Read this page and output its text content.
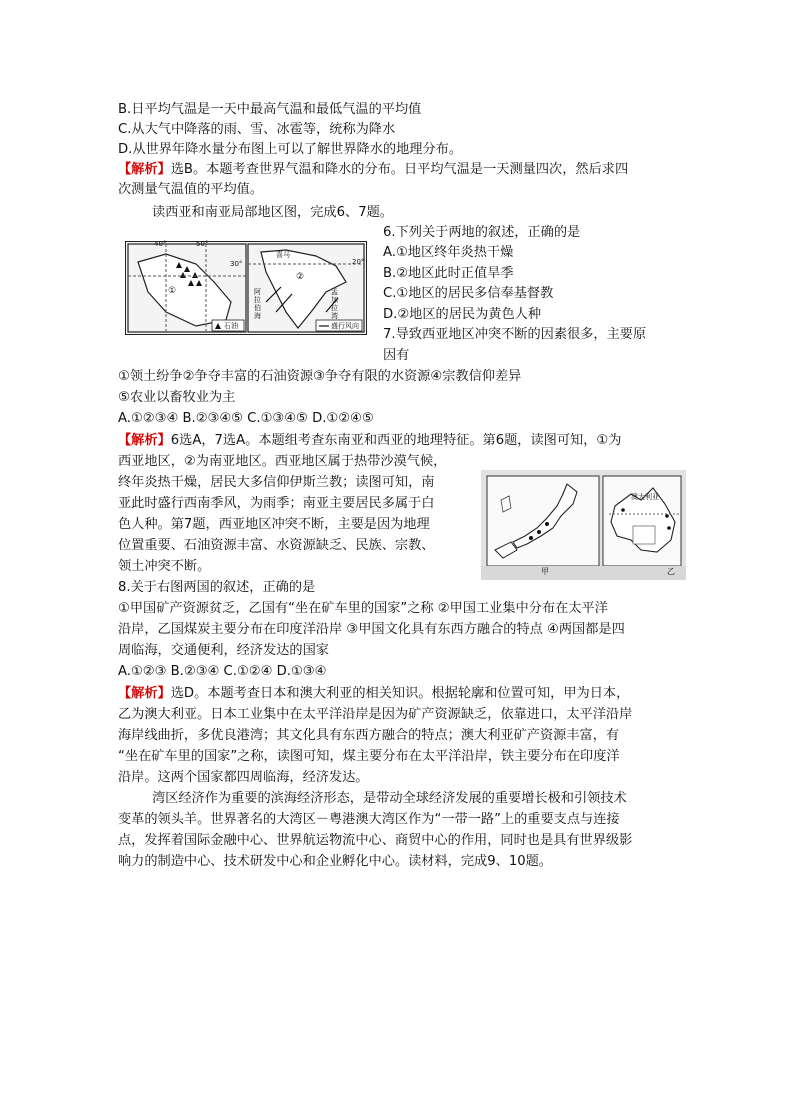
B.日平均气温是一天中最高气温和最低气温的平均值
C.从大气中降落的雨、雪、冰雹等，统称为降水
D.从世界年降水量分布图上可以了解世界降水的地理分布。
【解析】选B。本题考查世界气温和降水的分布。日平均气温是一天测量四次，然后求四
次测量气温值的平均值。
读西亚和南亚局部地区图，完成6、7题。
40°	50°
30°	20°
①
②
阿拉伯海
喜马
孟加拉湾
石油	盛行风向
6.下列关于两地的叙述，正确的是
A.①地区终年炎热干燥
B.②地区此时正值旱季
C.①地区的居民多信奉基督教
D.②地区的居民为黄色人种
7.导致西亚地区冲突不断的因素很多，主要原
因有
①领土纷争②争夺丰富的石油资源③争夺有限的水资源④宗教信仰差异
⑤农业以畜牧业为主
A.①②③④ B.②③④⑤ C.①③④⑤ D.①②④⑤
【解析】6选A，7选A。本题组考查东南亚和西亚的地理特征。第6题，读图可知，①为
西亚地区，②为南亚地区。西亚地区属于热带沙漠气候，
终年炎热干燥，居民大多信仰伊斯兰教；读图可知，南
亚此时盛行西南季风，为雨季；南亚主要居民多属于白
色人种。第7题，西亚地区冲突不断，主要是因为地理
位置重要、石油资源丰富、水资源缺乏、民族、宗教、
领土冲突不断。	甲	乙
澳大利亚
8.关于右图两国的叙述，正确的是
①甲国矿产资源贫乏，乙国有“坐在矿车里的国家”之称 ②甲国工业集中分布在太平洋
沿岸，乙国煤炭主要分布在印度洋沿岸 ③甲国文化具有东西方融合的特点 ④两国都是四
周临海，交通便利，经济发达的国家
A.①②③ B.②③④ C.①②④ D.①③④
【解析】选D。本题考查日本和澳大利亚的相关知识。根据轮廓和位置可知，甲为日本，
乙为澳大利亚。日本工业集中在太平洋沿岸是因为矿产资源缺乏，依靠进口，太平洋沿岸
海岸线曲折，多优良港湾；其文化具有东西方融合的特点；澳大利亚矿产资源丰富，有
“坐在矿车里的国家”之称，读图可知，煤主要分布在太平洋沿岸，铁主要分布在印度洋
沿岸。这两个国家都四周临海，经济发达。
湾区经济作为重要的滨海经济形态，是带动全球经济发展的重要增长极和引领技术
变革的领头羊。世界著名的大湾区－粤港澳大湾区作为“一带一路”上的重要支点与连接
点，发挥着国际金融中心、世界航运物流中心、商贸中心的作用，同时也是具有世界级影
响力的制造中心、技术研发中心和企业孵化中心。读材料，完成9、10题。
